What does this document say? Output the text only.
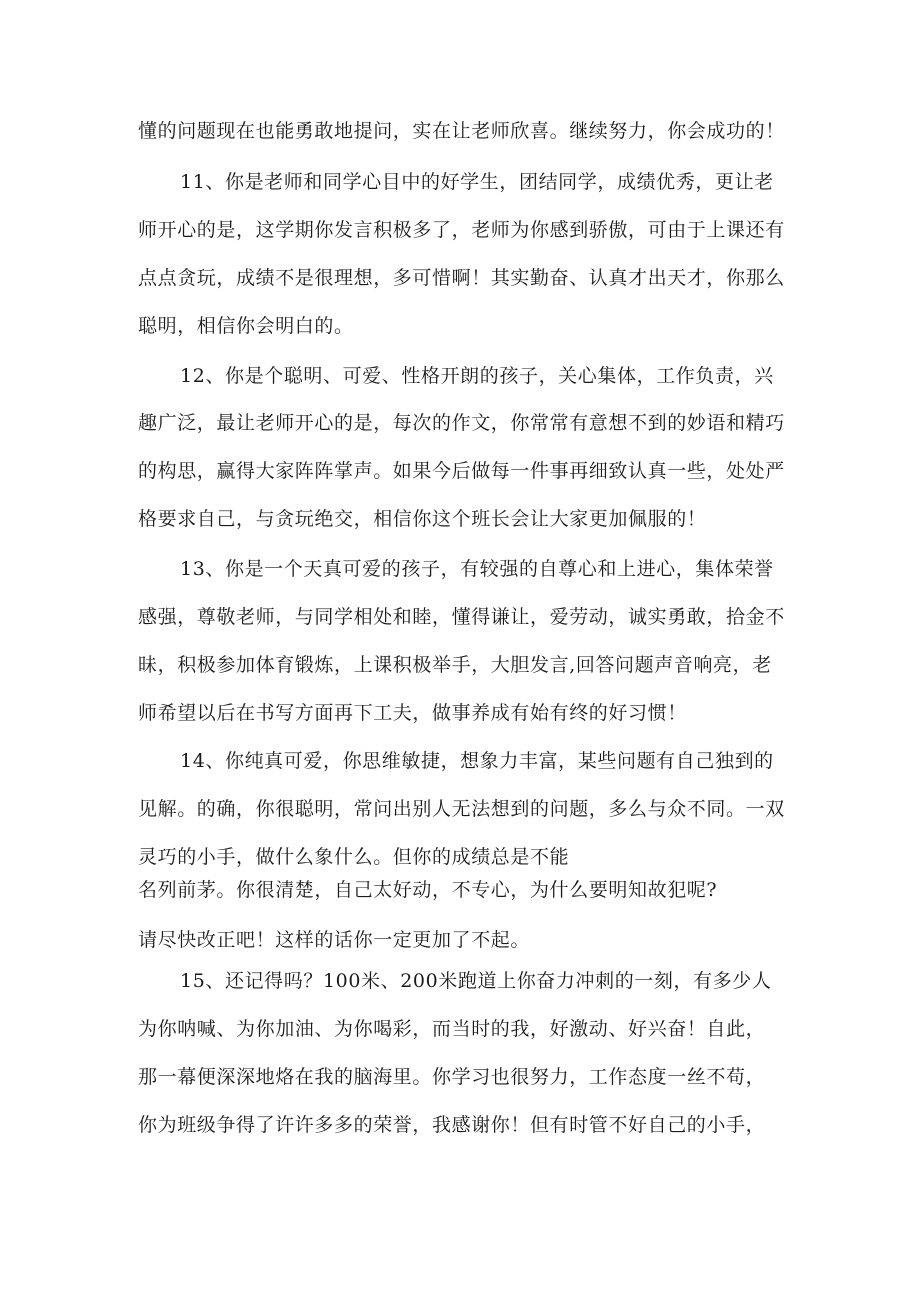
懂的问题现在也能勇敢地提问，实在让老师欣喜。继续努力，你会成功的！
11、你是老师和同学心目中的好学生，团结同学，成绩优秀，更让老
师开心的是，这学期你发言积极多了，老师为你感到骄傲，可由于上课还有
点点贪玩，成绩不是很理想，多可惜啊！其实勤奋、认真才出天才，你那么
聪明，相信你会明白的。
12、你是个聪明、可爱、性格开朗的孩子，关心集体，工作负责，兴
趣广泛，最让老师开心的是，每次的作文，你常常有意想不到的妙语和精巧
的构思，赢得大家阵阵掌声。如果今后做每一件事再细致认真一些，处处严
格要求自己，与贪玩绝交，相信你这个班长会让大家更加佩服的！
13、你是一个天真可爱的孩子，有较强的自尊心和上进心，集体荣誉
感强，尊敬老师，与同学相处和睦，懂得谦让，爱劳动，诚实勇敢，拾金不
昧，积极参加体育锻炼，上课积极举手，大胆发言,回答问题声音响亮，老
师希望以后在书写方面再下工夫，做事养成有始有终的好习惯！
14、你纯真可爱，你思维敏捷，想象力丰富，某些问题有自己独到的
见解。的确，你很聪明，常问出别人无法想到的问题，多么与众不同。一双
灵巧的小手，做什么象什么。但你的成绩总是不能
名列前茅。你很清楚，自己太好动，不专心，为什么要明知故犯呢?
请尽快改正吧！这样的话你一定更加了不起。
15、还记得吗？100米、200米跑道上你奋力冲刺的一刻，有多少人
为你呐喊、为你加油、为你喝彩，而当时的我，好激动、好兴奋！自此，
那一幕便深深地烙在我的脑海里。你学习也很努力，工作态度一丝不苟，
你为班级争得了许许多多的荣誉，我感谢你！但有时管不好自己的小手，
